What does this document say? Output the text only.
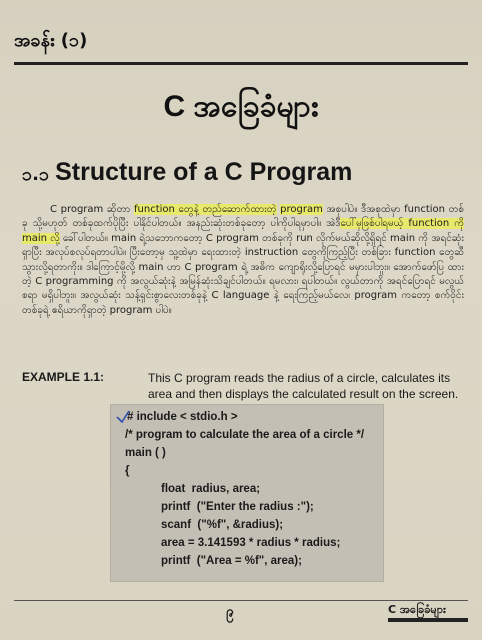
အခန်း (၁)
C အခြေခံများ
၁.၁ Structure of a C Program

C program ဆိုတာ function တွေနဲ့ တည်ဆောက်ထားတဲ့ program အစုပါပဲ။ ဒီအစုထဲမှာ function တစ်ခု သို့မဟုတ် တစ်ခုထက်ပိုပြီး ပါနိုင်ပါတယ်။ အနည်းဆုံးတစ်ခုတော့ ပါကိုပါရမှာပါ။ အဲဒီပေါ်မှဖြစ်ပါရမယ့် function ကို main လို့ ခေါ်ပါတယ်။ main ရဲ့သဘောကတော့ C program တစ်ခုကို run လိုက်မယ်ဆိုလို့ရှိရင် main ကို အရင်ဆုံးရှာပြီး အလုပ်စလုပ်ရတာပါပဲ။ ပြီးတော့မှ သူ့ထဲမှာ ရေးထားတဲ့ instruction တွေကိုကြည့်ပြီး တစ်ခြား function တွေဆီ သွားလို့ရတာကိုး။ ဒါကြောင့်မို့လို့ main ဟာ C program ရဲ့ အဓိက ကျောရိုးလို့ပြောရင် မမှားပါဘူး။ အောက်ဖော်ပြ ထားတဲ့ C programming ကို အလွယ်ဆုံးနဲ့ အမြန်ဆုံးသိချင်ပါတယ်။ ရမလား၊ ရပါတယ်။ လွယ်တာကို အရင်ပြောရင် မလွယ်စရာ မရှိပါဘူး။ အလွယ်ဆုံး သန့်ရှင်းစွာလေးတစ်ခုနဲ့ C language နဲ့ ရေးကြည့်မယ်လေ၊ program ကတော့ စက်ဝိုင်းတစ်ခုရဲ့ ဧရိယာကိုရှာတဲ့ program ပါပဲ။

EXAMPLE 1.1:	This C program reads the radius of a circle, calculates its area and then displays the calculated result on the screen.
# include < stdio.h >
/* program to calculate the area of a circle */
main ( )
{
float  radius, area;
printf  ("Enter the radius :");
scanf  ("%f", &radius);
area = 3.141593 * radius * radius;
printf  ("Area = %f", area);
၉	C အခြေခံများ
